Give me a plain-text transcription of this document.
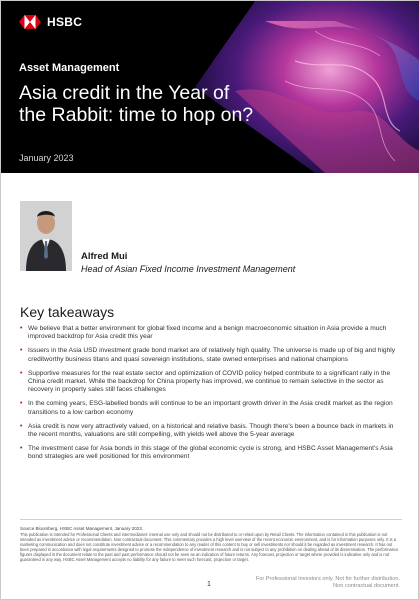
HSBC
Asset Management
Asia credit in the Year of the Rabbit: time to hop on?
January 2023
Alfred Mui
Head of Asian Fixed Income Investment Management
Key takeaways
• We believe that a better environment for global fixed income and a benign macroeconomic situation in Asia provide a much improved backdrop for Asia credit this year
• Issuers in the Asia USD investment grade bond market are of relatively high quality. The universe is made up of big and highly creditworthy business titans and quasi sovereign institutions, state owned enterprises and national champions
• Supportive measures for the real estate sector and optimization of COVID policy helped contribute to a significant rally in the China credit market. While the backdrop for China property has improved, we continue to remain selective in the sector as recovery in property sales still faces challenges
• In the coming years, ESG-labelled bonds will continue to be an important growth driver in the Asia credit market as the region transitions to a low carbon economy
• Asia credit is now very attractively valued, on a historical and relative basis. Though there's been a bounce back in markets in the recent months, valuations are still compelling, with yields well above the 5-year average
• The investment case for Asia bonds in this stage of the global economic cycle is strong, and HSBC Asset Management's Asia bond strategies are well positioned for this environment
Source Bloomberg, HSBC Asset Management, January 2023.
This publication is intended for Professional Clients and intermediaries' internal use only and should not be distributed to or relied upon by Retail Clients. The information contained in this publication is not intended as investment advice or recommendation. Non contractual document. This commentary provides a high level overview of the recent economic environment, and is for information purposes only. It is a marketing communication and does not constitute investment advice or a recommendation to any reader of this content to buy or sell investments nor should it be regarded as investment research. It has not been prepared in accordance with legal requirements designed to promote the independence of investment research and is not subject to any prohibition on dealing ahead of its dissemination. The performance figures displayed in the document relate to the past and past performance should not be seen as an indication of future returns. Any forecast, projection or target where provided is indicative only and is not guaranteed in any way. HSBC Asset Management accepts no liability for any failure to meet such forecast, projection or target.
1
For Professional Investors only. Not for further distribution.
Non contractual document.
